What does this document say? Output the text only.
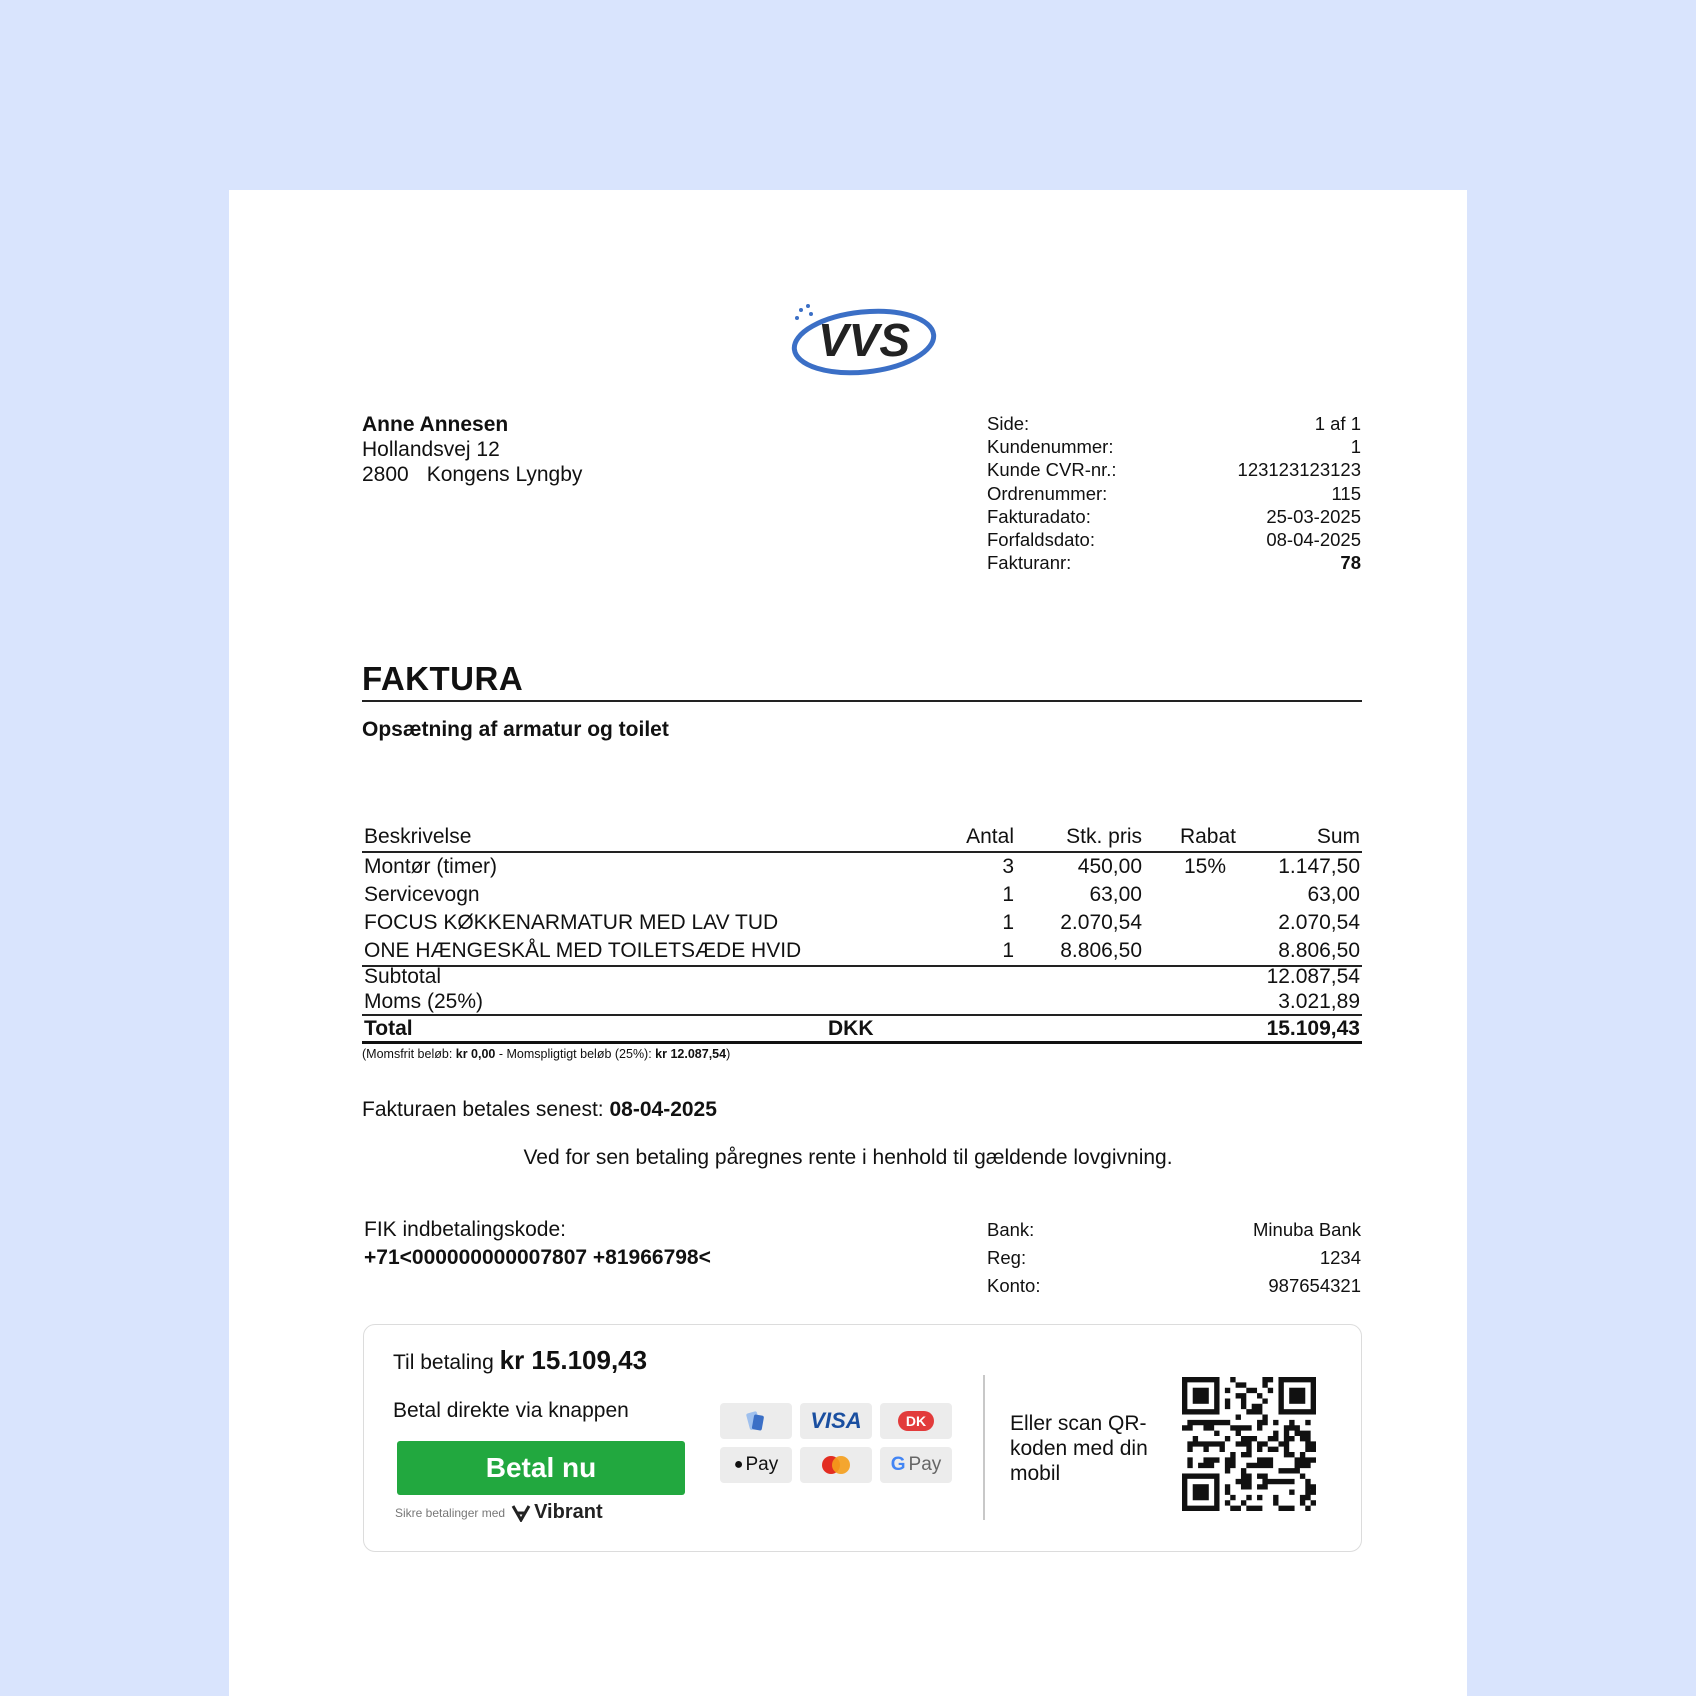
VVS
Anne Annesen
Hollandsvej 12
2800 Kongens Lyngby
Side:	1 af 1
Kundenummer:	1
Kunde CVR-nr.:	123123123123
Ordrenummer:	115
Fakturadato:	25-03-2025
Forfaldsdato:	08-04-2025
Fakturanr:	78
FAKTURA
Opsætning af armatur og toilet
Beskrivelse	Antal	Stk. pris	Rabat	Sum
Montør (timer)	3	450,00	15%	1.147,50
Servicevogn	1	63,00		63,00
FOCUS KØKKENARMATUR MED LAV TUD	1	2.070,54		2.070,54
ONE HÆNGESKÅL MED TOILETSÆDE HVID	1	8.806,50		8.806,50
Subtotal	12.087,54
Moms (25%)	3.021,89
Total	DKK	15.109,43
(Momsfrit beløb: kr 0,00 - Momspligtigt beløb (25%): kr 12.087,54)
Fakturaen betales senest: 08-04-2025
Ved for sen betaling påregnes rente i henhold til gældende lovgivning.
FIK indbetalingskode:
+71<000000000007807 +81966798<
Bank:	Minuba Bank
Reg:	1234
Konto:	987654321
Til betaling kr 15.109,43
Betal direkte via knappen
Betal nu
Sikre betalinger med Vibrant
VISA	DK
● Pay	G Pay
Eller scan QR-koden med din mobil
